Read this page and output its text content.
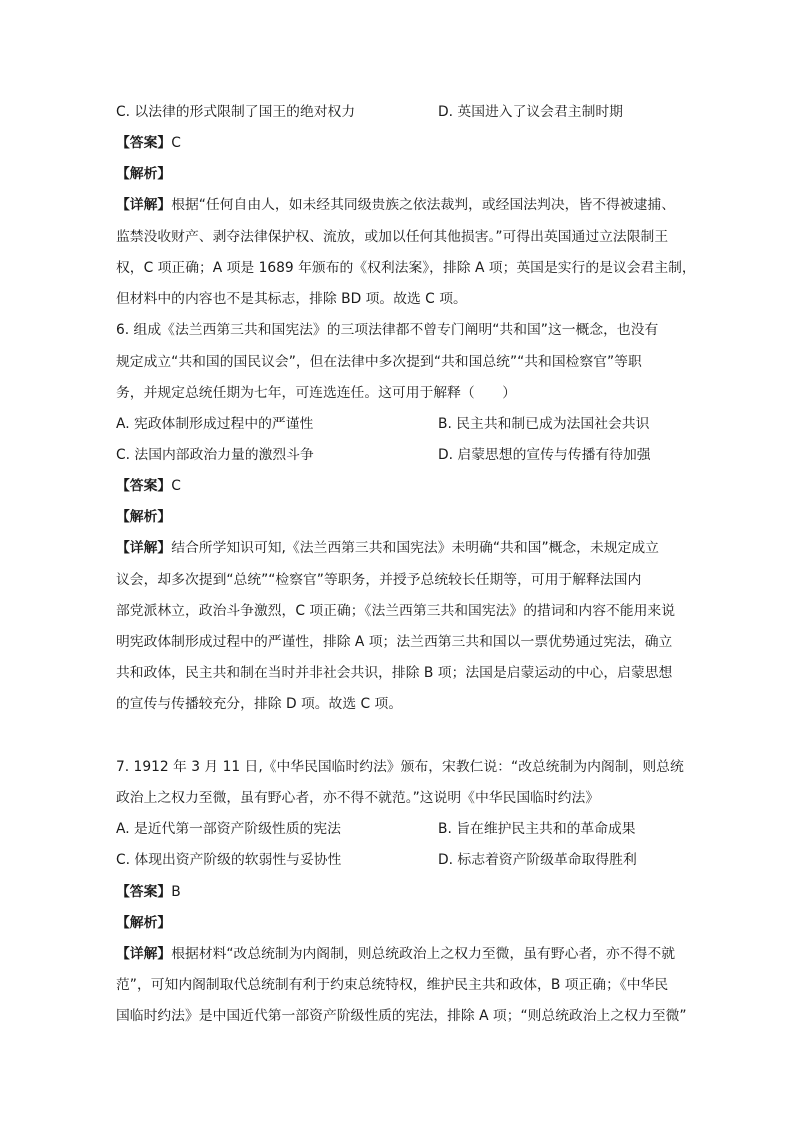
C. 以法律的形式限制了国王的绝对权力	D. 英国进入了议会君主制时期
【答案】C
【解析】
【详解】根据“任何自由人，如未经其同级贵族之依法裁判，或经国法判决，皆不得被逮捕、
监禁没收财产、剥夺法律保护权、流放，或加以任何其他损害。”可得出英国通过立法限制王
权，C 项正确；A 项是 1689 年颁布的《权利法案》，排除 A 项；英国是实行的是议会君主制，
但材料中的内容也不是其标志，排除 BD 项。故选 C 项。
6. 组成《法兰西第三共和国宪法》的三项法律都不曾专门阐明“共和国”这一概念，也没有
规定成立“共和国的国民议会”，但在法律中多次提到“共和国总统”“共和国检察官”等职
务，并规定总统任期为七年，可连选连任。这可用于解释（　　）
A. 宪政体制形成过程中的严谨性	B. 民主共和制已成为法国社会共识
C. 法国内部政治力量的激烈斗争	D. 启蒙思想的宣传与传播有待加强
【答案】C
【解析】
【详解】结合所学知识可知,《法兰西第三共和国宪法》未明确“共和国”概念，未规定成立
议会，却多次提到“总统”“检察官”等职务，并授予总统较长任期等，可用于解释法国内
部党派林立，政治斗争激烈，C 项正确；《法兰西第三共和国宪法》的措词和内容不能用来说
明宪政体制形成过程中的严谨性，排除 A 项；法兰西第三共和国以一票优势通过宪法，确立
共和政体，民主共和制在当时并非社会共识，排除 B 项；法国是启蒙运动的中心，启蒙思想
的宣传与传播较充分，排除 D 项。故选 C 项。
7. 1912 年 3 月 11 日,《中华民国临时约法》颁布，宋教仁说：“改总统制为内阁制，则总统
政治上之权力至微，虽有野心者，亦不得不就范。”这说明《中华民国临时约法》
A. 是近代第一部资产阶级性质的宪法	B. 旨在维护民主共和的革命成果
C. 体现出资产阶级的软弱性与妥协性	D. 标志着资产阶级革命取得胜利
【答案】B
【解析】
【详解】根据材料“改总统制为内阁制，则总统政治上之权力至微，虽有野心者，亦不得不就
范”，可知内阁制取代总统制有利于约束总统特权，维护民主共和政体，B 项正确；《中华民
国临时约法》是中国近代第一部资产阶级性质的宪法，排除 A 项；“则总统政治上之权力至微”
